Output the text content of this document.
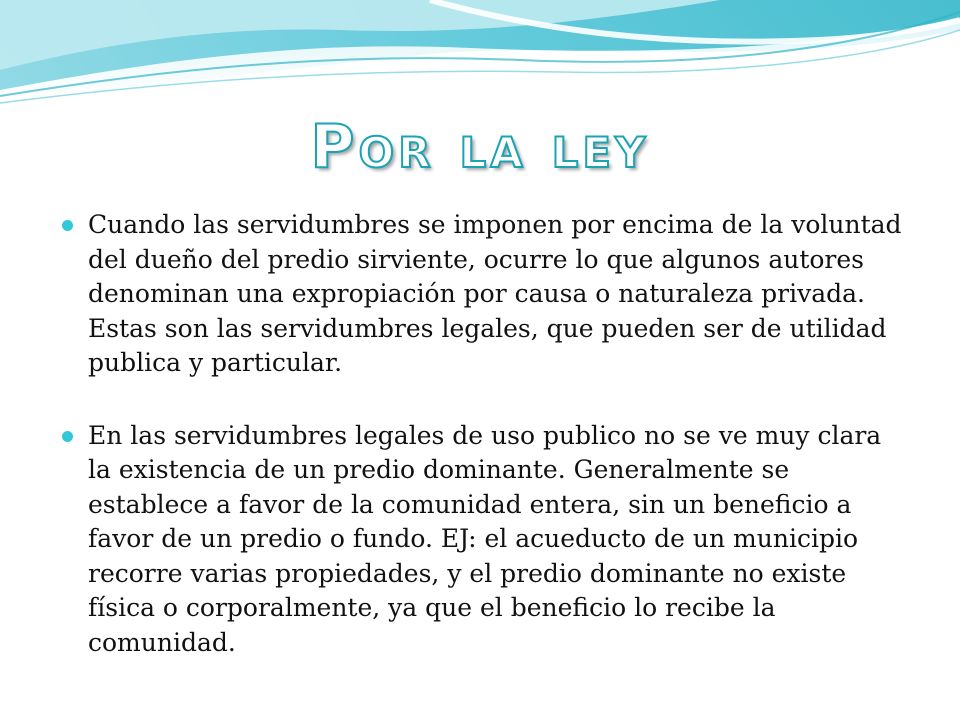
Por la ley
Cuando las servidumbres se imponen por encima de la voluntad del dueño del predio sirviente, ocurre lo que algunos autores denominan una expropiación por causa o naturaleza privada. Estas son las servidumbres legales, que pueden ser de utilidad publica y particular.
En las servidumbres legales de uso publico no se ve muy clara la existencia de un predio dominante. Generalmente se establece a favor de la comunidad entera, sin un beneficio a favor de un predio o fundo. EJ: el acueducto de un municipio recorre varias propiedades, y el predio dominante no existe física o corporalmente, ya que el beneficio lo recibe la comunidad.
